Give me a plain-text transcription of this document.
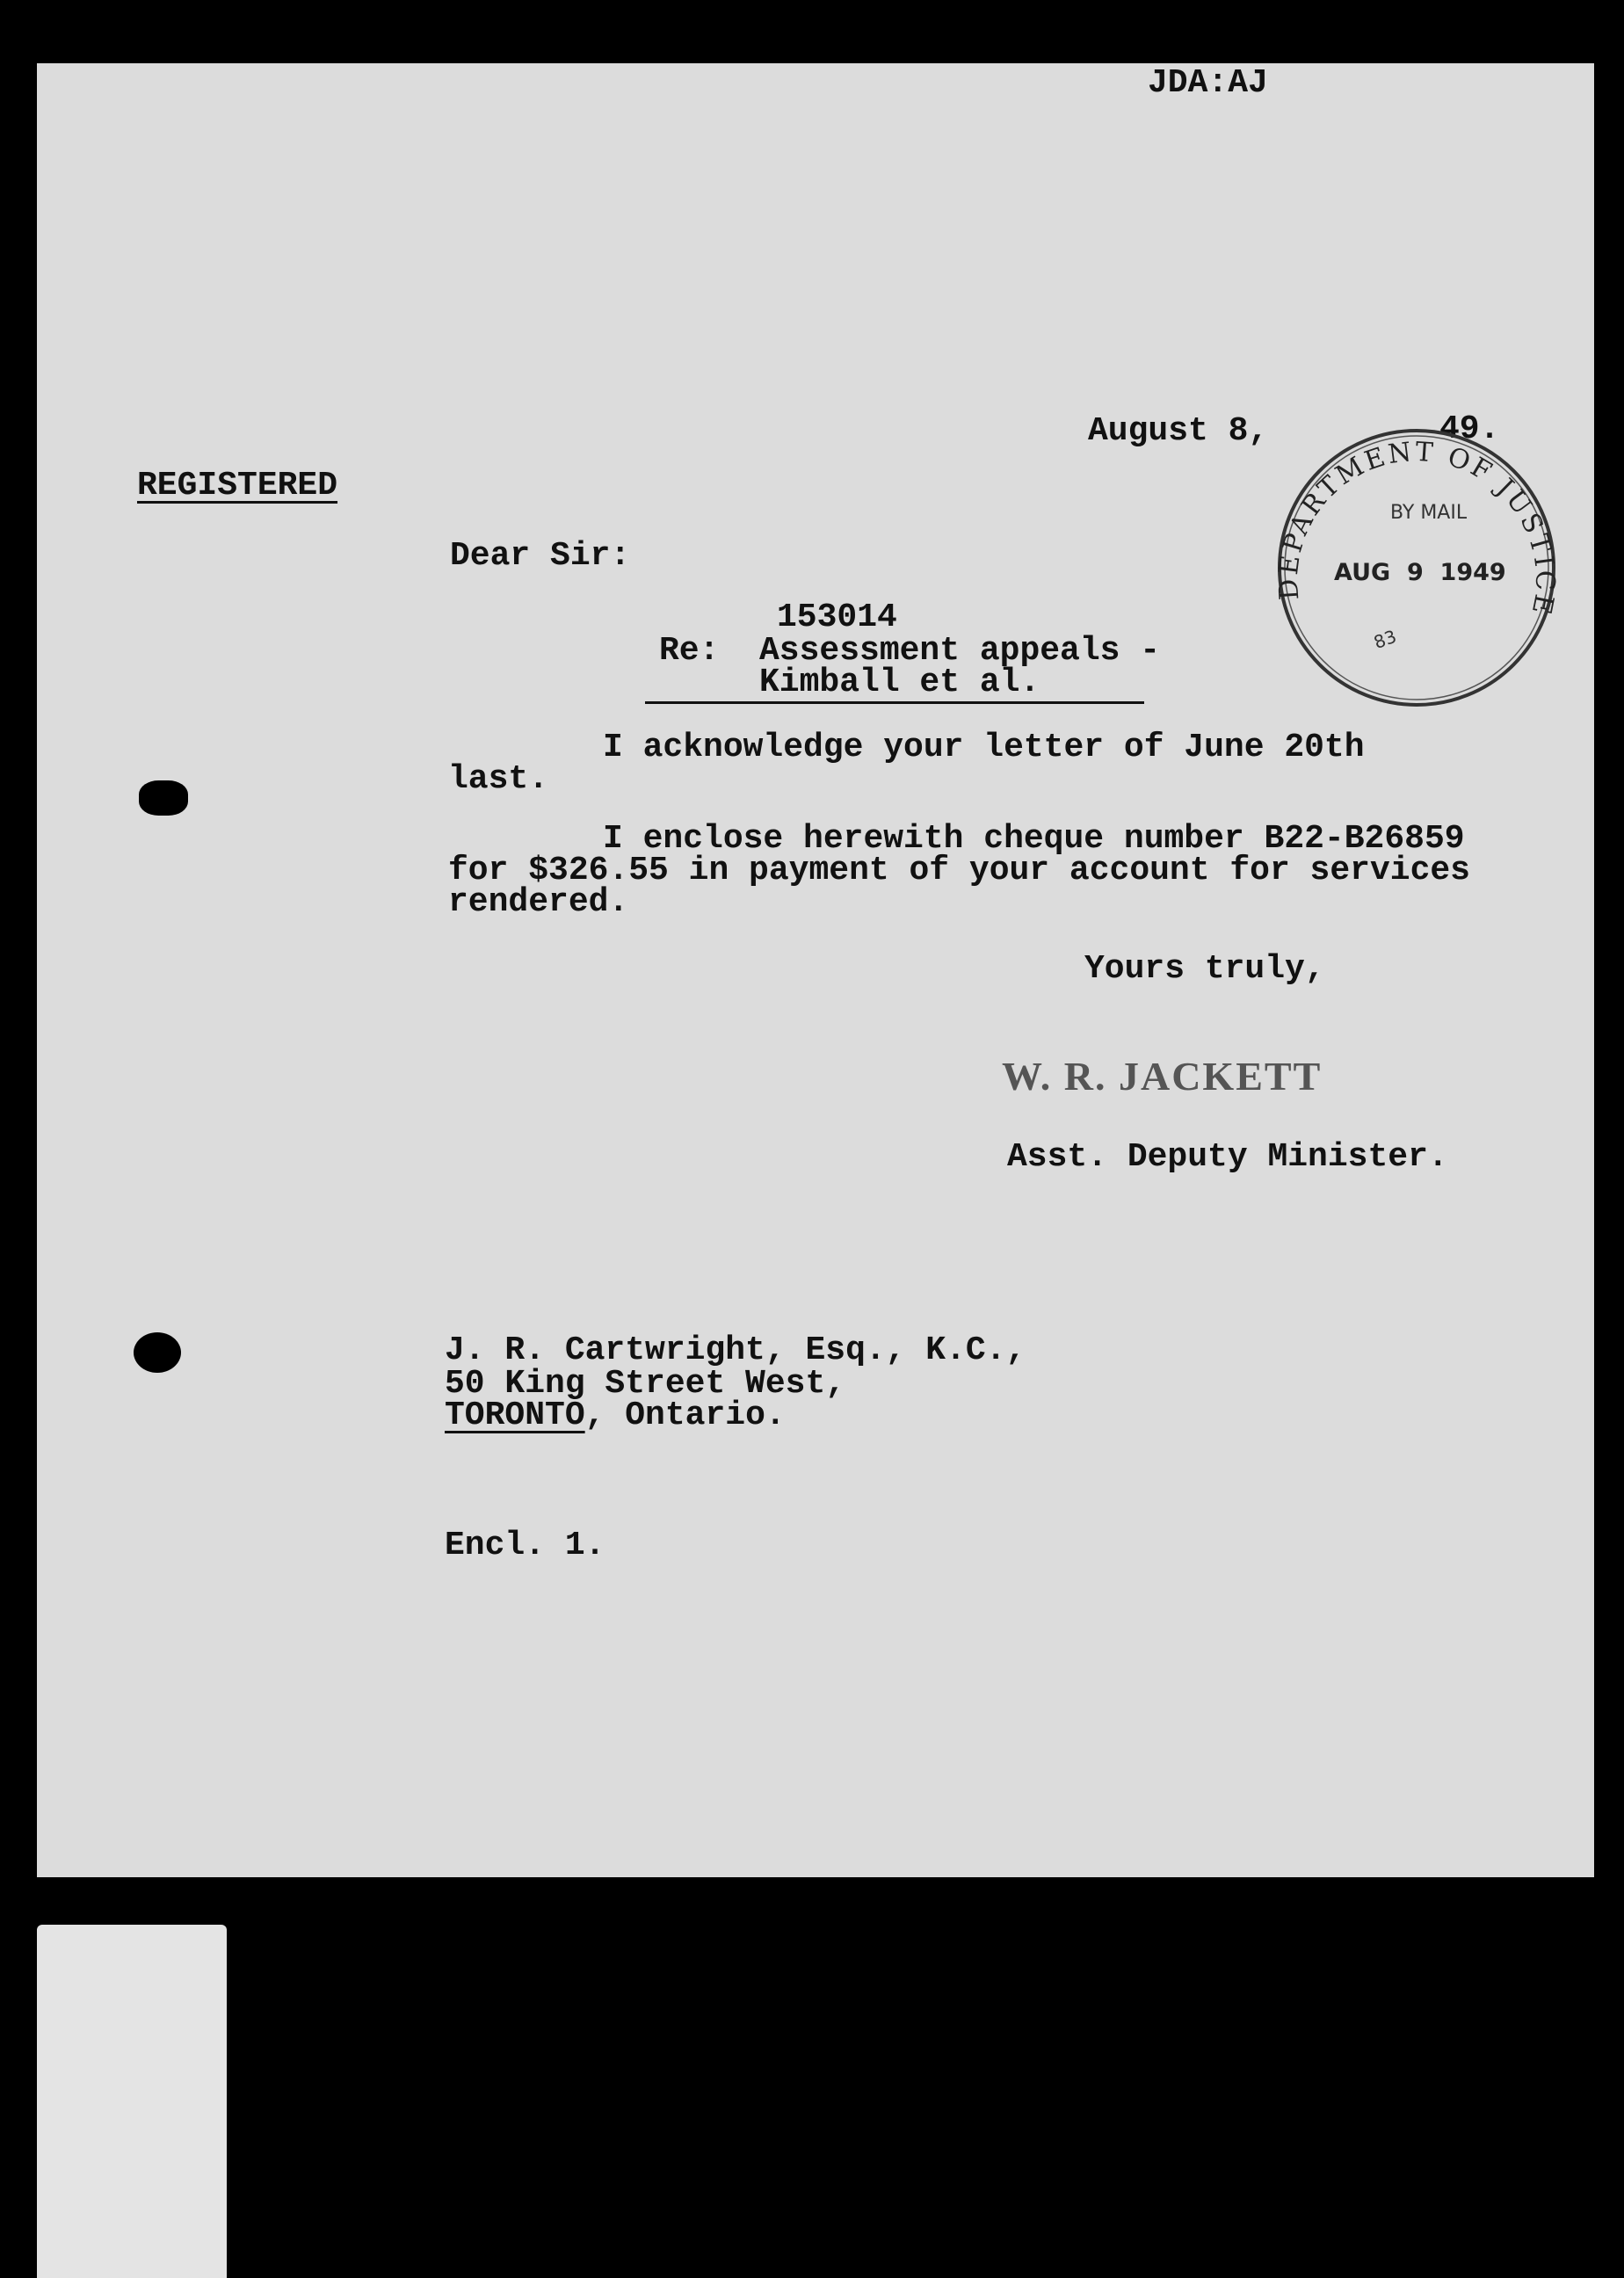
JDA:AJ
August 8,	49.
REGISTERED
Dear Sir:
153014
Re: Assessment appeals -
Kimball et al.
I acknowledge your letter of June 20th
last.
I enclose herewith cheque number B22-B26859
for $326.55 in payment of your account for services
rendered.
Yours truly,
Asst. Deputy Minister.
J. R. Cartwright, Esq., K.C.,
50 King Street West,
TORONTO, Ontario.
Encl. 1.
W. R. JACKETT
DEPARTMENT OF JUSTICE
BY MAIL
AUG  9  1949
83
